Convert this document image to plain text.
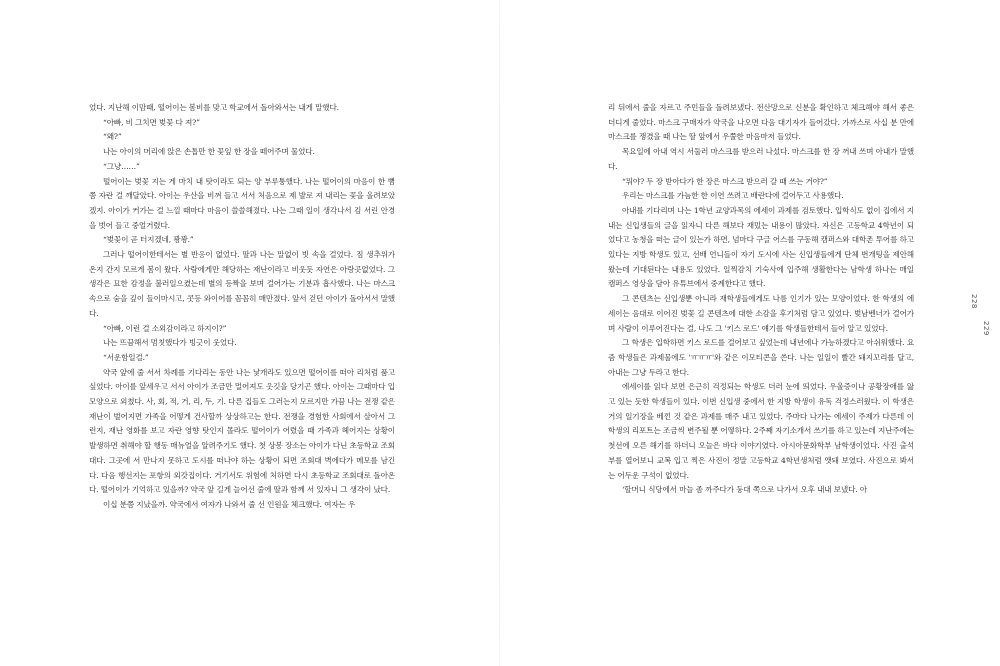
었다. 지난해 이맘때, 떨어이는 봄비를 맞고 학교에서 돌아와서는 내게 말했다.

“아빠, 비 그치면 벚꽃 다 져?”

“왜?”

나는 아이의 머리에 앉은 손톱만 한 꽃잎 한 장을 떼어주며 물었다.

“그냥……”

떨어이는 벚꽃 지는 게 마치 내 탓이라도 되는 양 부루퉁했다. 나는 떨어이의 마음이 한 뼘쯤 자란 걸 깨달았다. 아이는 우산을 비껴 들고 서서 처음으로 제 발로 져 내리는 꽃을 올려보았겠지. 아이가 커가는 걸 느낄 때마다 마음이 쓸쓸해졌다. 나는 그때 일이 생각나서 김 서린 안경을 벗어 들고 중얼거렸다.

“벚꽃이 곧 터지겠네, 꽝꽝.”

그러나 떨어이한테서는 별 반응이 없었다. 딸과 나는 말없이 빗 속을 걸었다. 짐 생추위가 온지 간지 모르게 봄이 왔다. 사람에게만 해당하는 재난이라고 비웃듯 자연은 아랑곳없었다. 그 생각은 묘한 감정을 불러일으켰는데 별의 등짝을 보며 걸어가는 기분과 흡사했다. 나는 마스크 속으로 숨을 깊이 들이마시고, 콧등 와이어를 꼼꼼히 매만졌다. 앞서 걷던 아이가 돌아서서 말했다.

“아빠, 이런 걸 소외감이라고 하지이?”

나는 뜨끔해서 멈칫했다가 빙긋이 웃었다.

“서운함일걸.”

약국 앞에 줄 서서 차례를 기다리는 동안 나는 낯개라도 있으면 떨어이를 떠아 리처럼 품고 싶었다. 아이를 앞세우고 서서 아이가 조금만 멀어져도 옷깃을 당기곤 했다. 아이는 그때마다 입 모양으로 외쳤다. 사, 회, 적, 거, 리, 두, 기. 다른 집들도 그러는지 모르지만 가끔 나는 전쟁 같은 재난이 벌어지면 가족을 어떻게 건사할까 상상하고는 한다. 전쟁을 경험한 사회에서 살아서 그런지, 재난 영화를 보고 자란 영향 탓인지 몰라도 떨어이가 어렸을 때 가족과 헤어지는 상황이 발생하면 취해야 할 행동 매뉴얼을 알려주기도 했다. 첫 상봉 장소는 아이가 다닌 초등학교 조회대다. 그곳에 서 만나지 못하고 도시를 떠나야 하는 상황이 되면 조회대 벽에다가 메모를 남긴다. 다음 행선지는 포항의 외갓집이다. 거기서도 위험에 처하면 다시 초등학교 조회대로 돌아온다. 떨어이가 기억하고 있을까? 약국 앞 길게 늘어선 줄에 딸과 함께 서 있자니 그 생각이 났다.

이십 분쯤 지났을까. 약국에서 여자가 나와서 줄 선 인원을 체크했다. 여자는 우

리 뒤에서 줄을 자르고 주민들을 돌려보냈다. 전산망으로 신분을 확인하고 체크해야 해서 좋은 더디게 줄었다. 마스크 구매자가 약국을 나오면 다음 대기자가 들어갔다. 가까스로 사십 분 만에 마스크를 쟁겼을 때 나는 딸 앞에서 우쭐한 마음마저 들었다.

목요일에 아내 역시 서둘러 마스크를 받으러 나섰다. 마스크를 한 장 꺼내 쓰며 아내가 말했다.

“뭐야? 두 장 받아다가 한 장은 마스크 받으러 갈 때 쓰는 거야?”

우리는 마스크를 가늠한 한 이연 쓰려고 배란다에 걸어두고 사용했다.

아내를 기다리며 나는 1학년 교양과목의 에세이 과제를 검토했다. 입학식도 없이 집에서 지내는 신입생들의 글을 읽자니 다른 해보다 재밌는 내용이 많았다. 자신은 고등학교 4학년이 되었다고 농청을 떠는 글이 있는가 하면, 넘마다 구글 어스를 구동해 캠퍼스와 대학촌 투어를 하고 있다는 지방 학생도 있고, 선배 언니들이 자기 도시에 사는 신입생들에게 단체 번개팅을 제안해왔는데 기대된다는 내용도 있었다. 일찍감치 기숙사에 입주해 생활한다는 남학생 하나는 매일 캠퍼스 영상을 담아 유튜브에서 중계한다고 했다.

그 콘텐츠는 신입생뿐 아니라 재학생들에게도 나름 인기가 있는 모양이었다. 한 학생의 에세이는 음대로 이어진 벚꽃 길 콘텐츠에 대한 소감을 후기처럼 담고 있었다. 벚남벤너가 걸어가며 사람이 이루어진다는 걸, 나도 그 '키스 로드' 얘기를 학생들한테서 들어 알고 있었다.

그 학생은 입학하면 키스 로드를 걸어보고 싶었는데 내년에나 가능하겠다고 아쉬워했다. 요즘 학생들은 과제물에도 'ㅠㅠㅠ'와 같은 이모티콘을 쓴다. 나는 일일이 빨간 돼지꼬리를 달고, 아내는 그냥 두라고 한다.

에세이를 읽다 보면 은근히 걱정되는 학생도 더러 눈에 띄었다. 우울증이나 공황장애를 앓고 있는 듯한 학생들이 있다. 이번 신입생 중에서 한 지방 학생이 유독 걱정스러웠다. 이 학생은 거의 일기장을 베낀 것 같은 과제를 매주 내고 있었다. 주마다 나가는 에세이 주제가 다른데 이 학생의 리포트는 조금씩 변주될 뿐 어떻하다. 2주째 자기소개서 쓰기를 하고 있는데 지난주에는 첫선에 오른 해기를 하더니 오늘은 바다 이야기였다. 아시아문화학부 남학생이었다. 사진 출석부를 열어보니 교복 입고 찍은 사진이 정말 고등학교 4학년생처럼 앳돼 보였다. 사진으로 봐서는 어두운 구석이 없었다.

‘할머니 식당에서 마늘 좀 까주다가 둥대 쪽으로 나가서 오후 내내 보냈다. 아

228
229
